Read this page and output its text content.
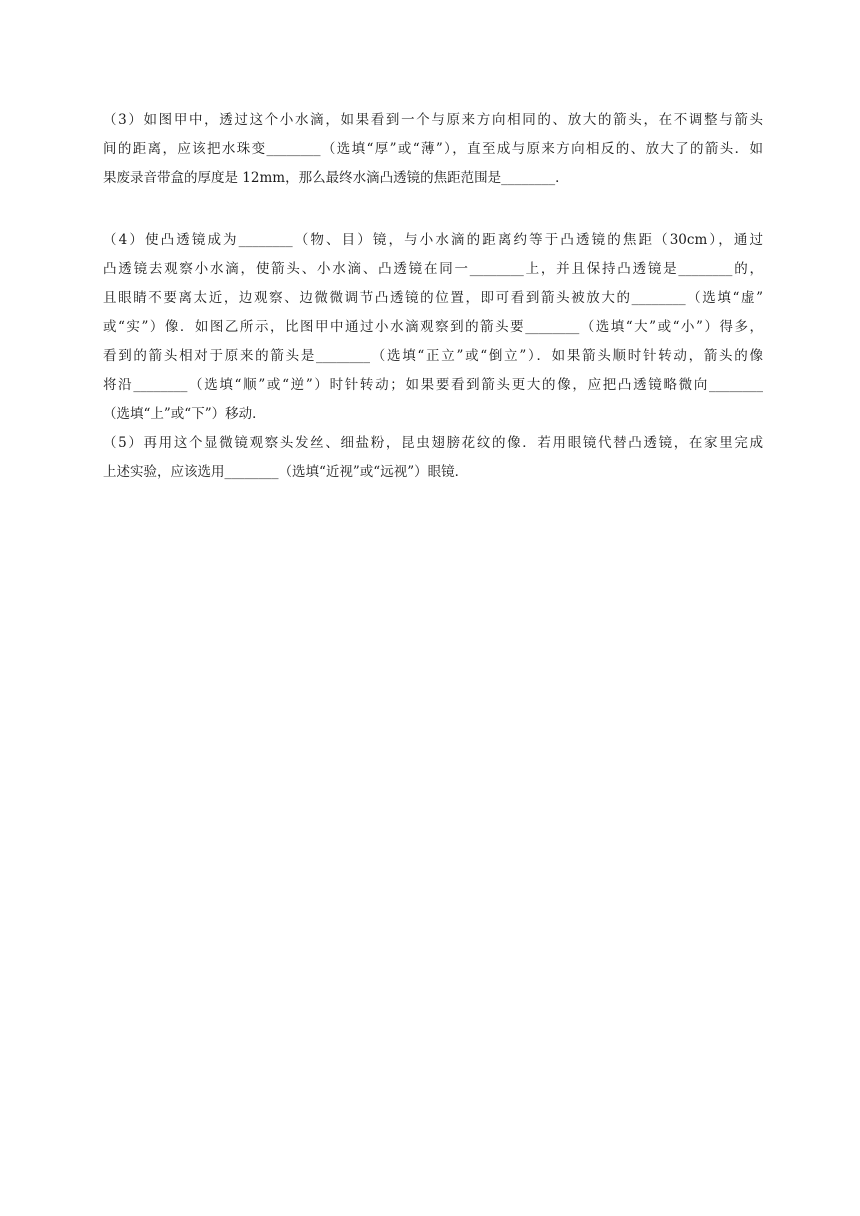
（3）如图甲中，透过这个小水滴，如果看到一个与原来方向相同的、放大的箭头，在不调整与箭头
间的距离，应该把水珠变________（选填“厚”或“薄”），直至成与原来方向相反的、放大了的箭头．如
果废录音带盒的厚度是 12mm，那么最终水滴凸透镜的焦距范围是________．
（4）使凸透镜成为________（物、目）镜，与小水滴的距离约等于凸透镜的焦距（30cm），通过
凸透镜去观察小水滴，使箭头、小水滴、凸透镜在同一________上，并且保持凸透镜是________的，
且眼睛不要离太近，边观察、边微微调节凸透镜的位置，即可看到箭头被放大的________（选填“虚”
或“实”）像．如图乙所示，比图甲中通过小水滴观察到的箭头要________（选填“大”或“小”）得多，
看到的箭头相对于原来的箭头是________（选填“正立”或“倒立”）．如果箭头顺时针转动，箭头的像
将沿________（选填“顺”或“逆”）时针转动；如果要看到箭头更大的像，应把凸透镜略微向________
（选填“上”或“下”）移动．
（5）再用这个显微镜观察头发丝、细盐粉，昆虫翅膀花纹的像．若用眼镜代替凸透镜，在家里完成
上述实验，应该选用________（选填“近视”或“远视”）眼镜．
